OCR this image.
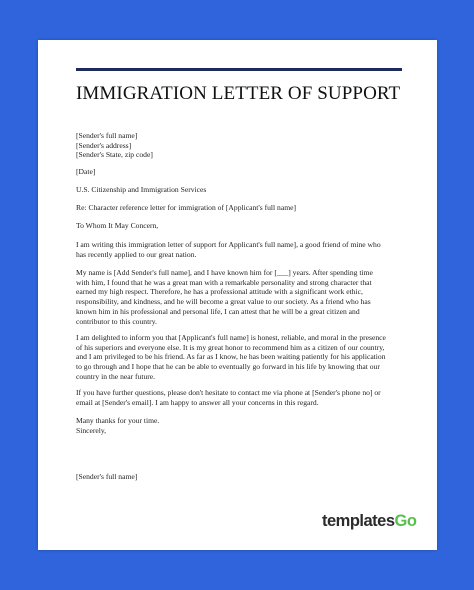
IMMIGRATION LETTER OF SUPPORT
[Sender's full name]
[Sender's address]
[Sender's State, zip code]
[Date]
U.S. Citizenship and Immigration Services
Re: Character reference letter for immigration of [Applicant's full name]
To Whom It May Concern,
I am writing this immigration letter of support for Applicant's full name], a good friend of mine who
has recently applied to our great nation.
My name is [Add Sender's full name], and I have known him for [___] years. After spending time
with him, I found that he was a great man with a remarkable personality and strong character that
earned my high respect. Therefore, he has a professional attitude with a significant work ethic,
responsibility, and kindness, and he will become a great value to our society. As a friend who has
known him in his professional and personal life, I can attest that he will be a great citizen and
contributor to this country.
I am delighted to inform you that [Applicant's full name] is honest, reliable, and moral in the presence
of his superiors and everyone else. It is my great honor to recommend him as a citizen of our country,
and I am privileged to be his friend. As far as I know, he has been waiting patiently for his application
to go through and I hope that he can be able to eventually go forward in his life by knowing that our
country in the near future.
If you have further questions, please don't hesitate to contact me via phone at [Sender's phone no] or
email at [Sender's email]. I am happy to answer all your concerns in this regard.
Many thanks for your time.
Sincerely,
[Sender's full name]
templatesGo
